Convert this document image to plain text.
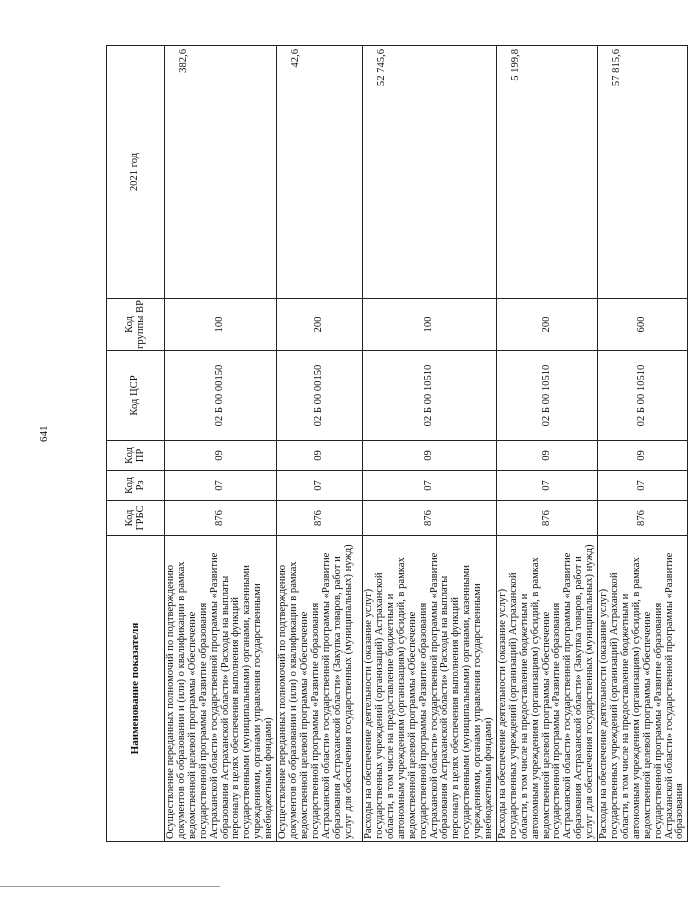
641
Наименование показателя	Код ГРБС	Код Рз	Код ПР	Код ЦСР	Код группы ВР	2021 год
Осуществление переданных полномочий по подтверждению документов об образовании и (или) о квалификации в рамках ведомственной целевой программы «Обеспечение государственной программы «Развитие образования Астраханской области» государственной программы «Развитие образования Астраханской области» (Расходы на выплаты персоналу в целях обеспечения выполнения функций государственными (муниципальными) органами, казенными учреждениями, органами управления государственными внебюджетными фондами)	876	07	09	02 Б 00 00150	100	382,6
Осуществление переданных полномочий по подтверждению документов об образовании и (или) о квалификации в рамках ведомственной целевой программы «Обеспечение государственной программы «Развитие образования Астраханской области» государственной программы «Развитие образования Астраханской области» (Закупка товаров, работ и услуг для обеспечения государственных (муниципальных) нужд)	876	07	09	02 Б 00 00150	200	42,6
Расходы на обеспечение деятельности (оказание услуг) государственных учреждений (организаций) Астраханской области, в том числе на предоставление бюджетным и автономным учреждениям (организациям) субсидий, в рамках ведомственной целевой программы «Обеспечение государственной программы «Развитие образования Астраханской области» государственной программы «Развитие образования Астраханской области» (Расходы на выплаты персоналу в целях обеспечения выполнения функций государственными (муниципальными) органами, казенными учреждениями, органами управления государственными внебюджетными фондами)	876	07	09	02 Б 00 10510	100	52 745,6
Расходы на обеспечение деятельности (оказание услуг) государственных учреждений (организаций) Астраханской области, в том числе на предоставление бюджетным и автономным учреждениям (организациям) субсидий, в рамках ведомственной целевой программы «Обеспечение государственной программы «Развитие образования Астраханской области» государственной программы «Развитие образования Астраханской области» (Закупка товаров, работ и услуг для обеспечения государственных (муниципальных) нужд)	876	07	09	02 Б 00 10510	200	5 199,8
Расходы на обеспечение деятельности (оказание услуг) государственных учреждений (организаций) Астраханской области, в том числе на предоставление бюджетным и автономным учреждениям (организациям) субсидий, в рамках ведомственной целевой программы «Обеспечение государственной программы «Развитие образования Астраханской области» государственной программы «Развитие образования	876	07	09	02 Б 00 10510	600	57 815,6
